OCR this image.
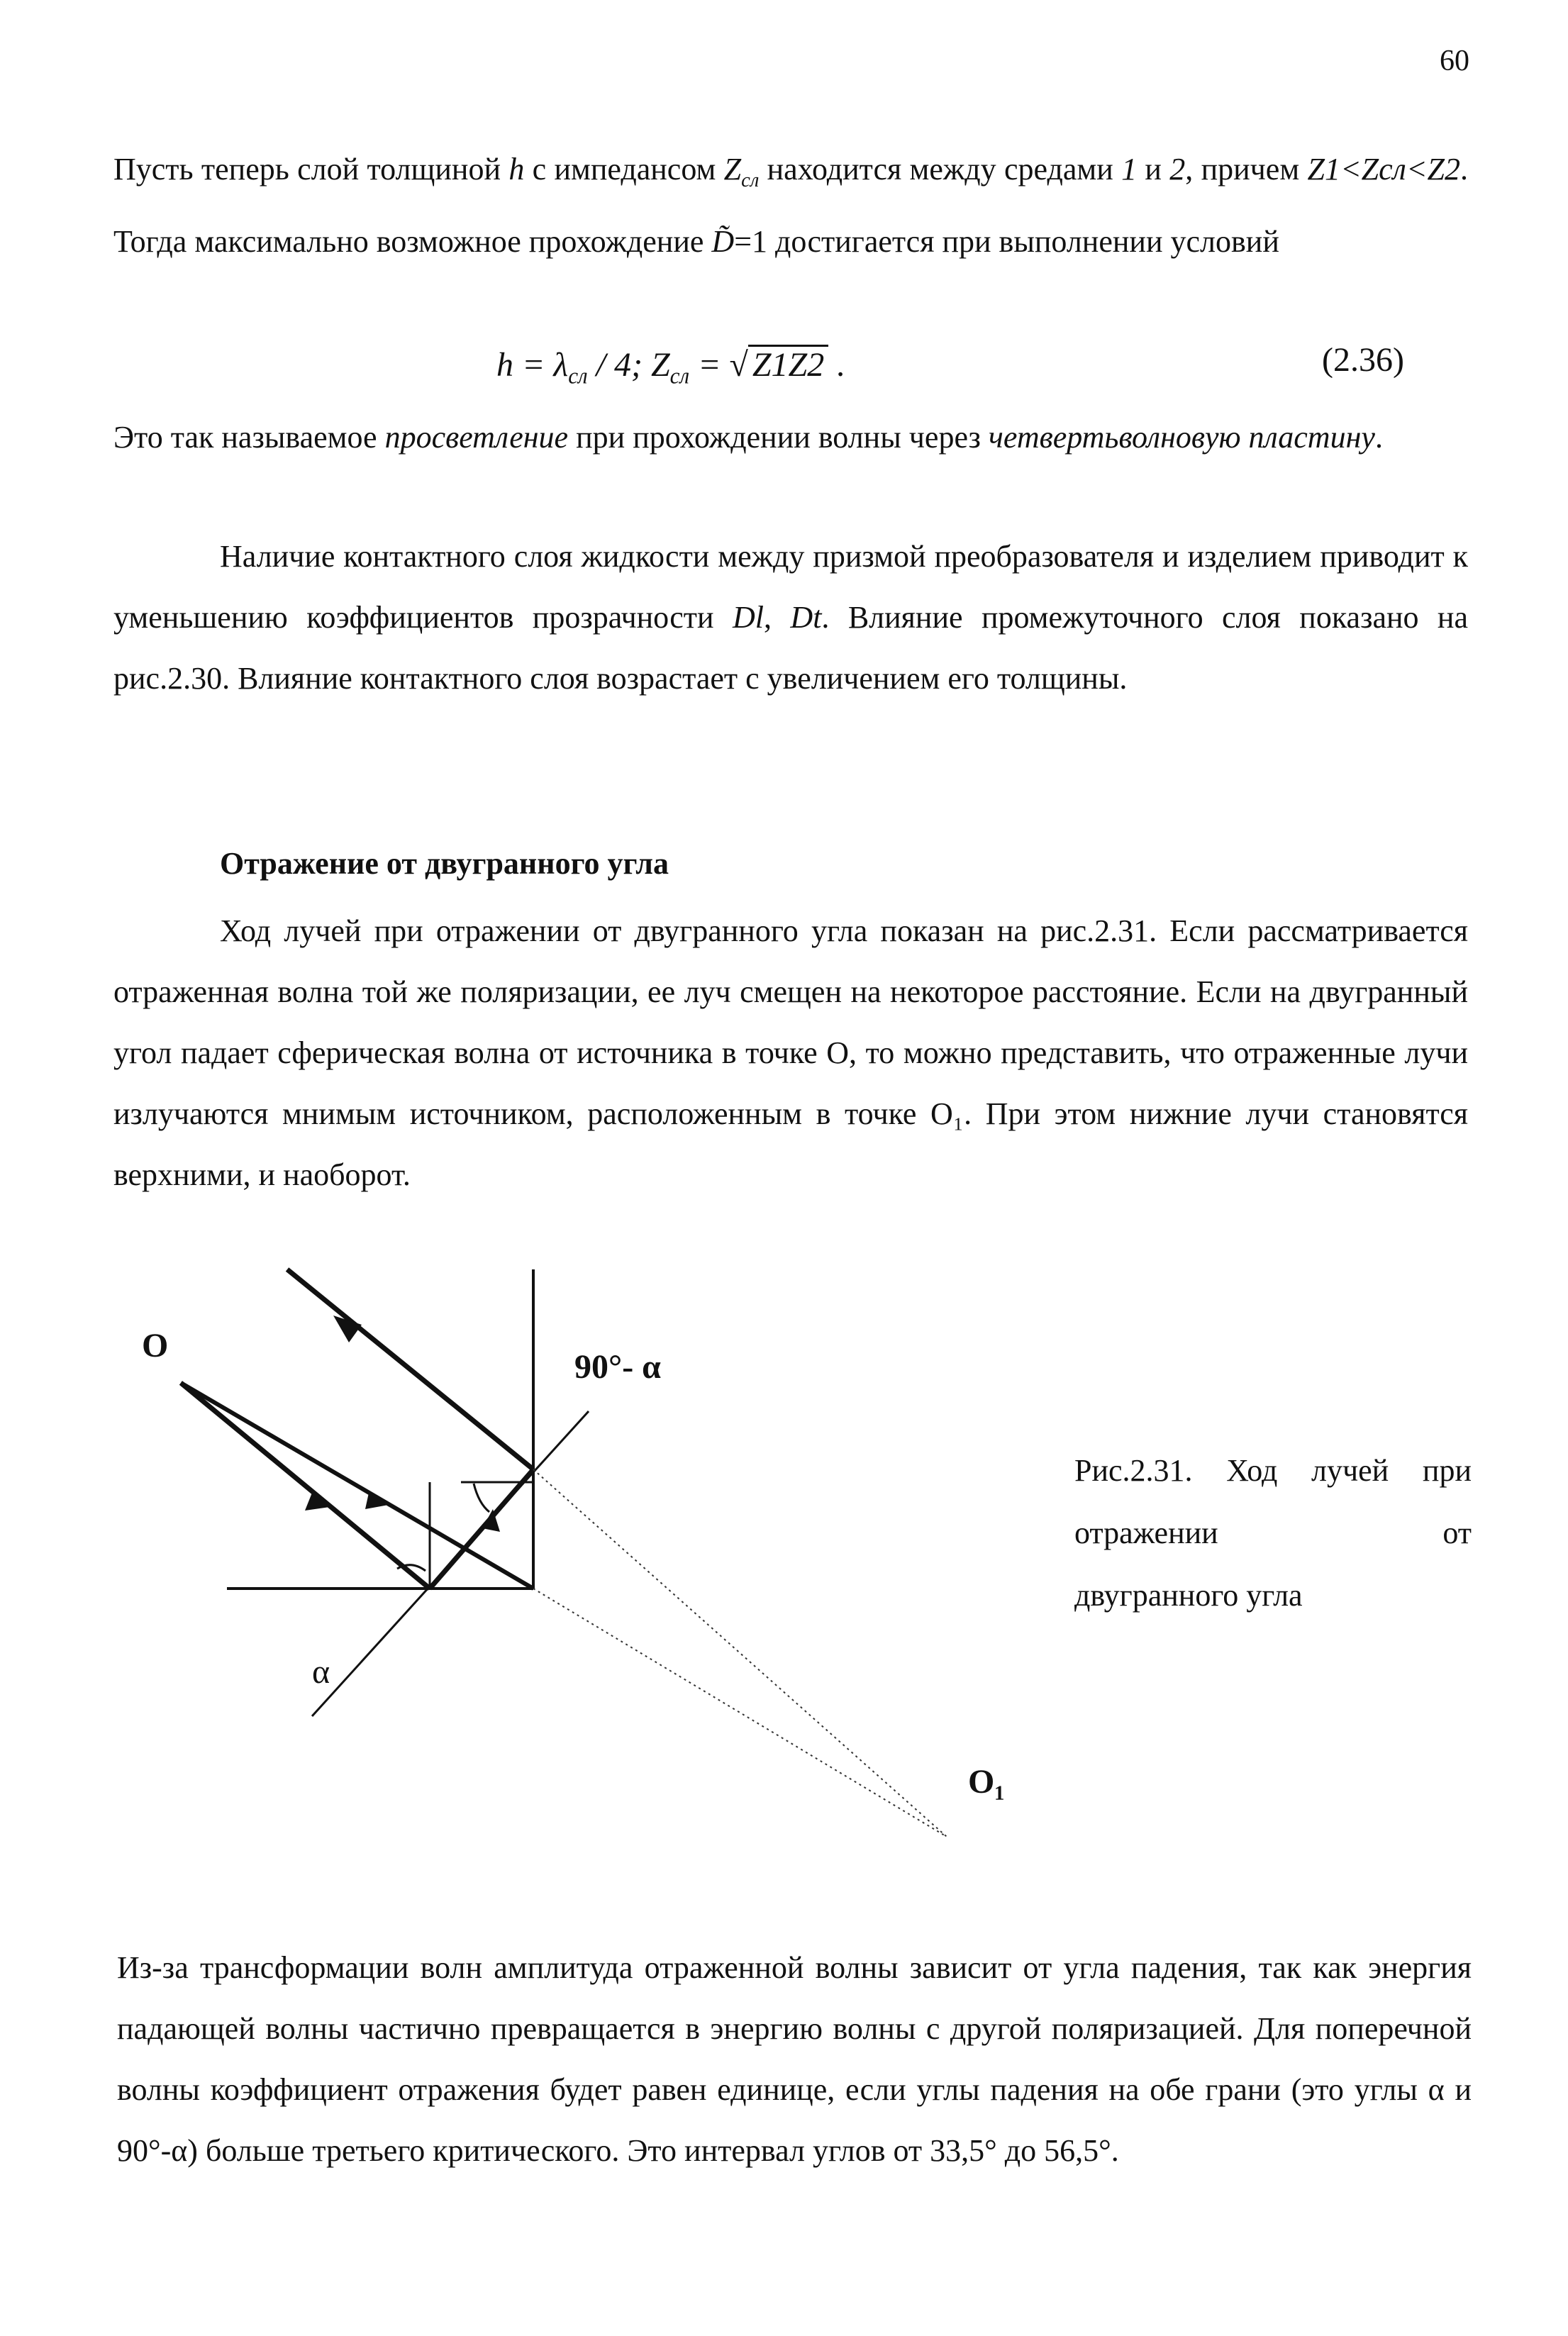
60
Пусть теперь слой толщиной h с импедансом $Z_{сл}$ находится между средами 1 и 2, причем Z1<Zсл<Z2. Тогда максимально возможное прохождение D̃=1 достигается при выполнении условий
$h = \lambda_{сл} / 4$; $Z_{сл}$ = √ Z1Z2 .	(2.36)
Это так называемое просветление при прохождении волны через четвертьволновую пластину.
Наличие контактного слоя жидкости между призмой преобразователя и изделием приводит к уменьшению коэффициентов прозрачности Dl, Dt. Влияние промежуточного слоя показано на рис.2.30. Влияние контактного слоя возрастает с увеличением его толщины.
Отражение от двугранного угла
Ход лучей при отражении от двугранного угла показан на рис.2.31. Если рассматривается отраженная волна той же поляризации, ее луч смещен на некоторое расстояние. Если на двугранный угол падает сферическая волна от источника в точке О, то можно представить, что отраженные лучи излучаются мнимым источником, расположенным в точке О₁. При этом нижние лучи становятся верхними, и наоборот.
O
90°- α
α
O₁
Рис.2.31. Ход лучей при
отражении	от
двугранного угла
Из-за трансформации волн амплитуда отраженной волны зависит от угла падения, так как энергия падающей волны частично превращается в энергию волны с другой поляризацией. Для поперечной волны коэффициент отражения будет равен единице, если углы падения на обе грани (это углы α и 90°-α) больше третьего критического. Это интервал углов от 33,5° до 56,5°.
